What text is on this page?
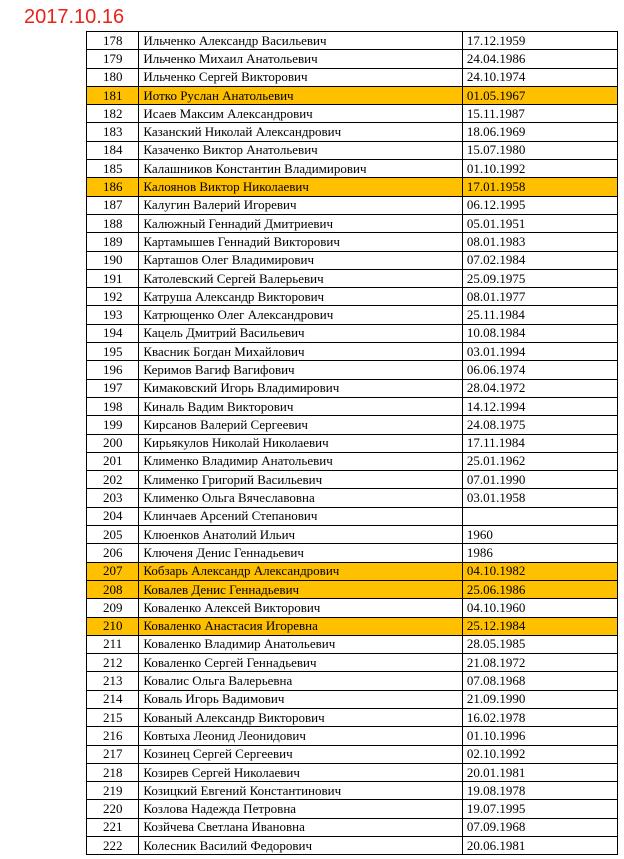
2017.10.16
178	Ильченко Александр Васильевич	17.12.1959
179	Ильченко Михаил Анатольевич	24.04.1986
180	Ильченко Сергей Викторович	24.10.1974
181	Иотко Руслан Анатольевич	01.05.1967
182	Исаев Максим Александрович	15.11.1987
183	Казанский Николай Александрович	18.06.1969
184	Казаченко Виктор Анатольевич	15.07.1980
185	Калашников Константин Владимирович	01.10.1992
186	Калоянов Виктор Николаевич	17.01.1958
187	Калугин Валерий Игоревич	06.12.1995
188	Калюжный Геннадий Дмитриевич	05.01.1951
189	Картамышев Геннадий Викторович	08.01.1983
190	Карташов Олег Владимирович	07.02.1984
191	Католевский Сергей Валерьевич	25.09.1975
192	Катруша Александр Викторович	08.01.1977
193	Катрющенко Олег Александрович	25.11.1984
194	Кацель Дмитрий Васильевич	10.08.1984
195	Квасник Богдан Михайлович	03.01.1994
196	Керимов Вагиф Вагифович	06.06.1974
197	Кимаковский Игорь Владимирович	28.04.1972
198	Киналь Вадим Викторович	14.12.1994
199	Кирсанов Валерий Сергеевич	24.08.1975
200	Кирьякулов Николай Николаевич	17.11.1984
201	Клименко Владимир Анатольевич	25.01.1962
202	Клименко Григорий Васильевич	07.01.1990
203	Клименко Ольга Вячеславовна	03.01.1958
204	Клинчаев Арсений Степанович	
205	Клюенков Анатолий Ильич	1960
206	Ключеня Денис Геннадьевич	1986
207	Кобзарь Александр Александрович	04.10.1982
208	Ковалев Денис Геннадьевич	25.06.1986
209	Коваленко Алексей Викторович	04.10.1960
210	Коваленко Анастасия Игоревна	25.12.1984
211	Коваленко Владимир Анатольевич	28.05.1985
212	Коваленко Сергей Геннадьевич	21.08.1972
213	Ковалис Ольга Валерьевна	07.08.1968
214	Коваль Игорь Вадимович	21.09.1990
215	Кованый Александр Викторович	16.02.1978
216	Ковтыха Леонид Леонидович	01.10.1996
217	Козинец Сергей Сергеевич	02.10.1992
218	Козирев Сергей Николаевич	20.01.1981
219	Козицкий Евгений Константинович	19.08.1978
220	Козлова Надежда Петровна	19.07.1995
221	Козйчева Светлана Ивановна	07.09.1968
222	Колесник Василий Федорович	20.06.1981
